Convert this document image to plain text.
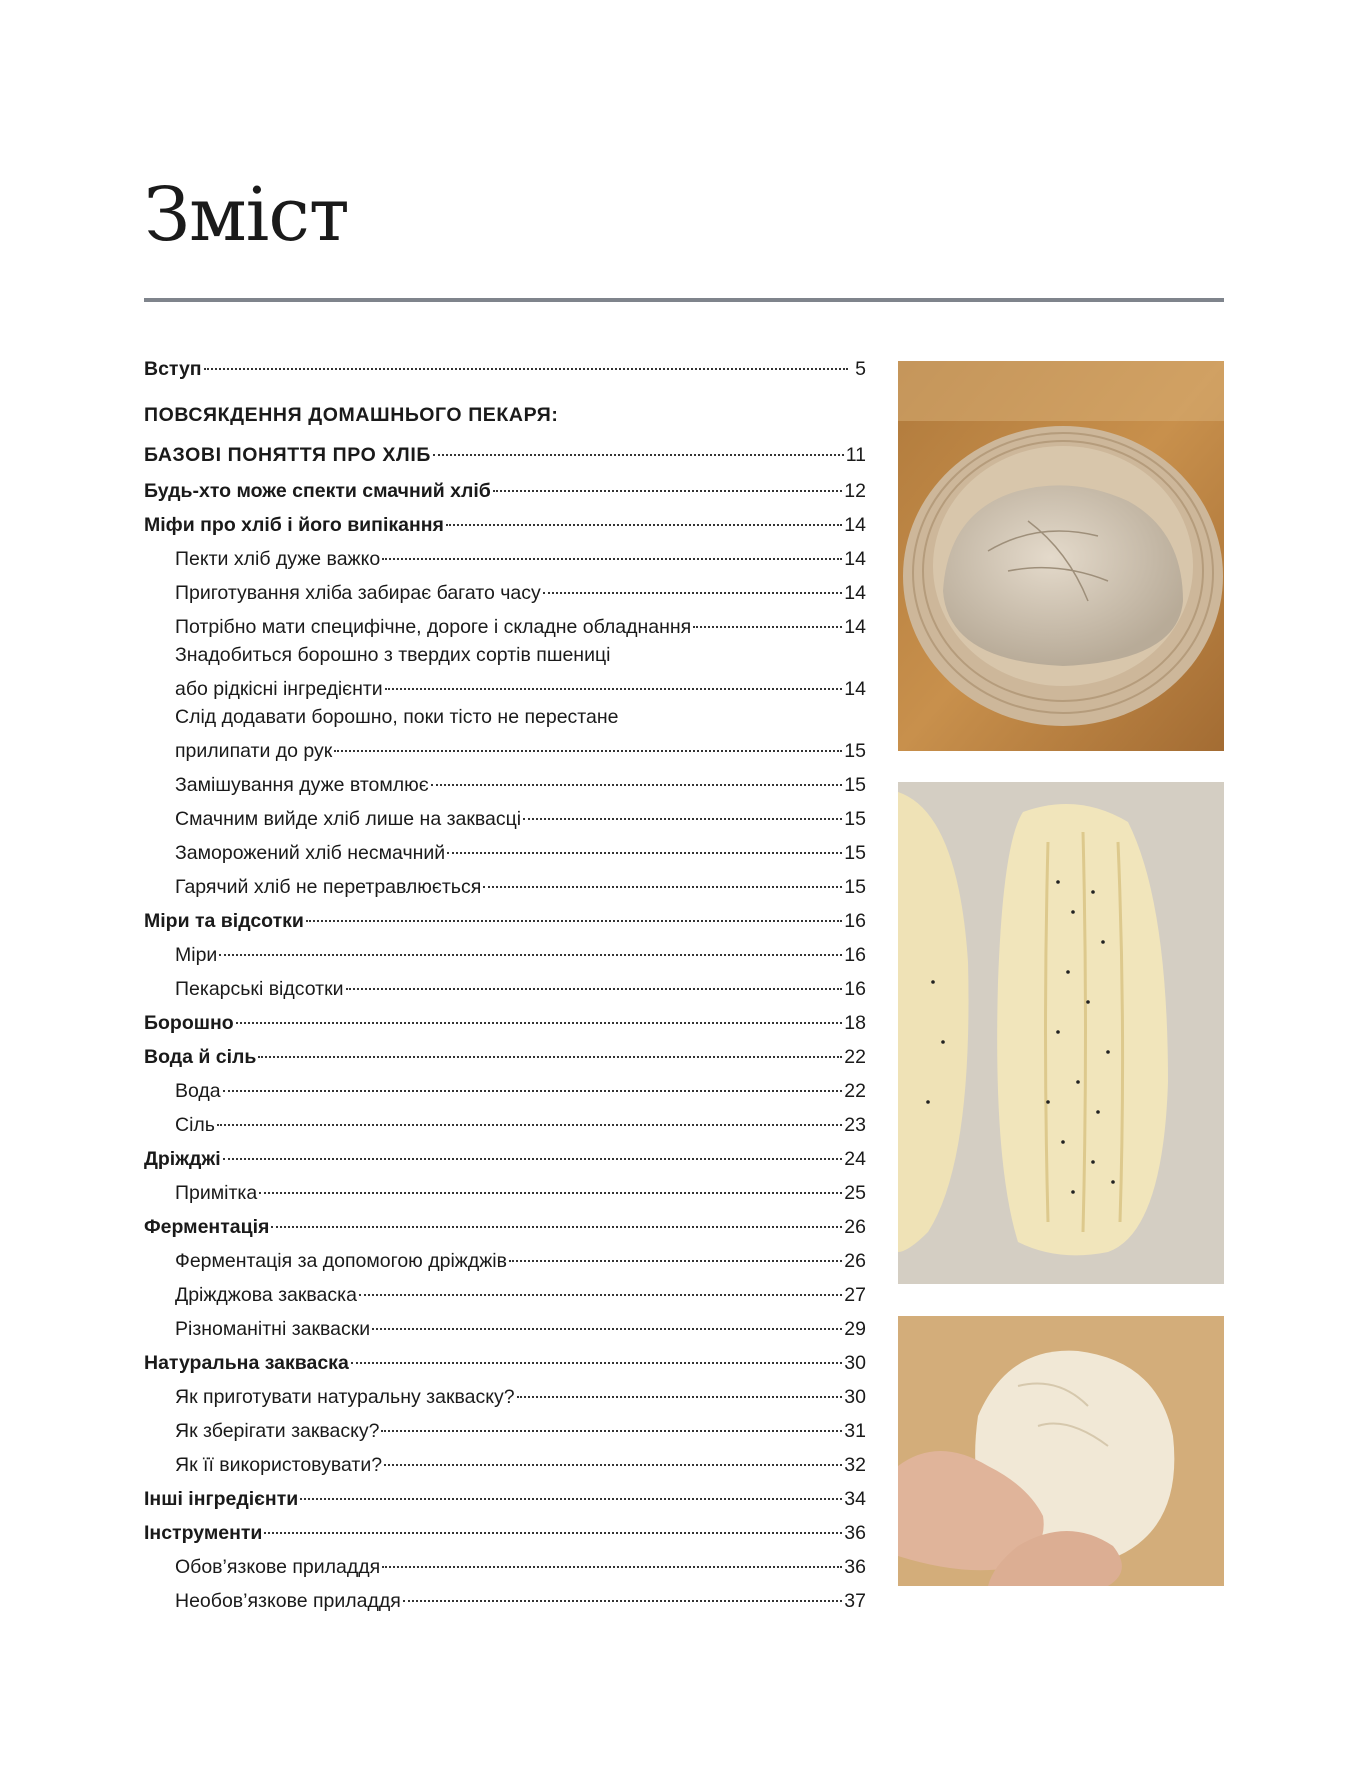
Зміст
Вступ	5
ПОВСЯКДЕННЯ ДОМАШНЬОГО ПЕКАРЯ:
БАЗОВІ ПОНЯТТЯ ПРО ХЛІБ	11
Будь-хто може спекти смачний хліб	12
Міфи про хліб і його випікання	14
Пекти хліб дуже важко	14
Приготування хліба забирає багато часу	14
Потрібно мати специфічне, дороге і складне обладнання	14
Знадобиться борошно з твердих сортів пшениці
або рідкісні інгредієнти	14
Слід додавати борошно, поки тісто не перестане
прилипати до рук	15
Замішування дуже втомлює	15
Смачним вийде хліб лише на заквасці	15
Заморожений хліб несмачний	15
Гарячий хліб не перетравлюється	15
Міри та відсотки	16
Міри	16
Пекарські відсотки	16
Борошно	18
Вода й сіль	22
Вода	22
Сіль	23
Дріжджі	24
Примітка	25
Ферментація	26
Ферментація за допомогою дріжджів	26
Дріжджова закваска	27
Різноманітні закваски	29
Натуральна закваска	30
Як приготувати натуральну закваску?	30
Як зберігати закваску?	31
Як її використовувати?	32
Інші інгредієнти	34
Інструменти	36
Обов’язкове приладдя	36
Необов’язкове приладдя	37
